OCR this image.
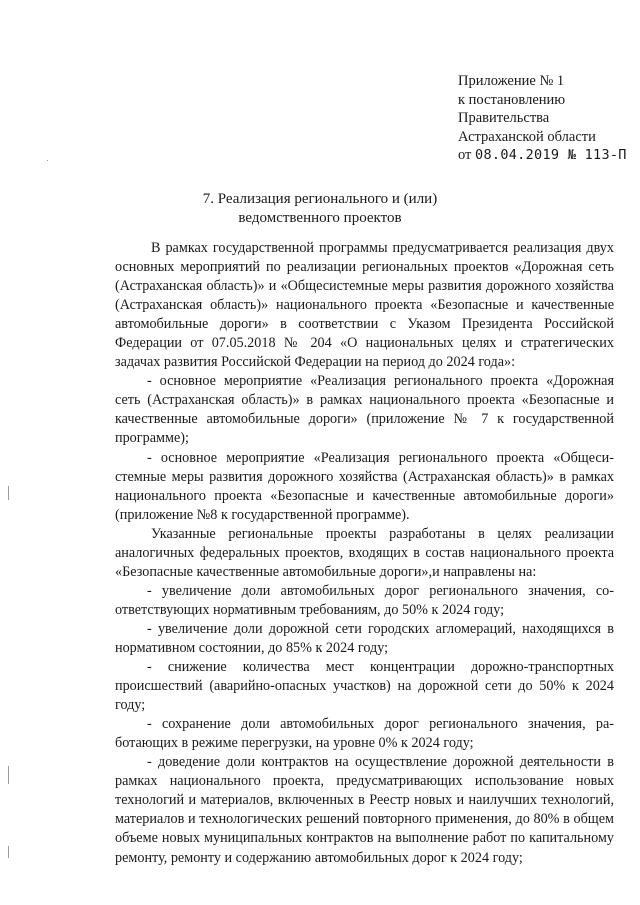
Приложение № 1
к постановлению
Правительства
Астраханской области
от 08.04.2019 № 113-П
7. Реализация регионального и (или)
ведомственного проектов

В рамках государственной программы предусматривается реализация двух основных мероприятий по реализации региональных проектов «Дорожная сеть (Астраханская область)» и «Общесистемные меры развития дорожного хозяйства (Астраханская область)» национального проекта «Безопасные и качественные автомобильные дороги» в соответствии с Указом Президента Российской Федерации от 07.05.2018 № 204 «О национальных целях и стратегических задачах развития Российской Федерации на период до 2024 года»:

- основное мероприятие «Реализация регионального проекта «Дорожная сеть (Астраханская область)» в рамках национального проекта «Безопасные и качественные автомобильные дороги» (приложение № 7 к государственной программе);

- основное мероприятие «Реализация регионального проекта «Общесистемные меры развития дорожного хозяйства (Астраханская область)» в рамках национального проекта «Безопасные и качественные автомобильные дороги» (приложение №8 к государственной программе).

Указанные региональные проекты разработаны в целях реализации аналогичных федеральных проектов, входящих в состав национального проекта «Безопасные качественные автомобильные дороги»,и направлены на:

- увеличение доли автомобильных дорог регионального значения, соответствующих нормативным требованиям, до 50% к 2024 году;

- увеличение доли дорожной сети городских агломераций, находящихся в нормативном состоянии, до 85% к 2024 году;

- снижение количества мест концентрации дорожно-транспортных происшествий (аварийно-опасных участков) на дорожной сети до 50% к 2024 году;

- сохранение доли автомобильных дорог регионального значения, работающих в режиме перегрузки, на уровне 0% к 2024 году;

- доведение доли контрактов на осуществление дорожной деятельности в рамках национального проекта, предусматривающих использование новых технологий и материалов, включенных в Реестр новых и наилучших технологий, материалов и технологических решений повторного применения, до 80% в общем объеме новых муниципальных контрактов на выполнение работ по капитальному ремонту, ремонту и содержанию автомобильных дорог к 2024 году;
